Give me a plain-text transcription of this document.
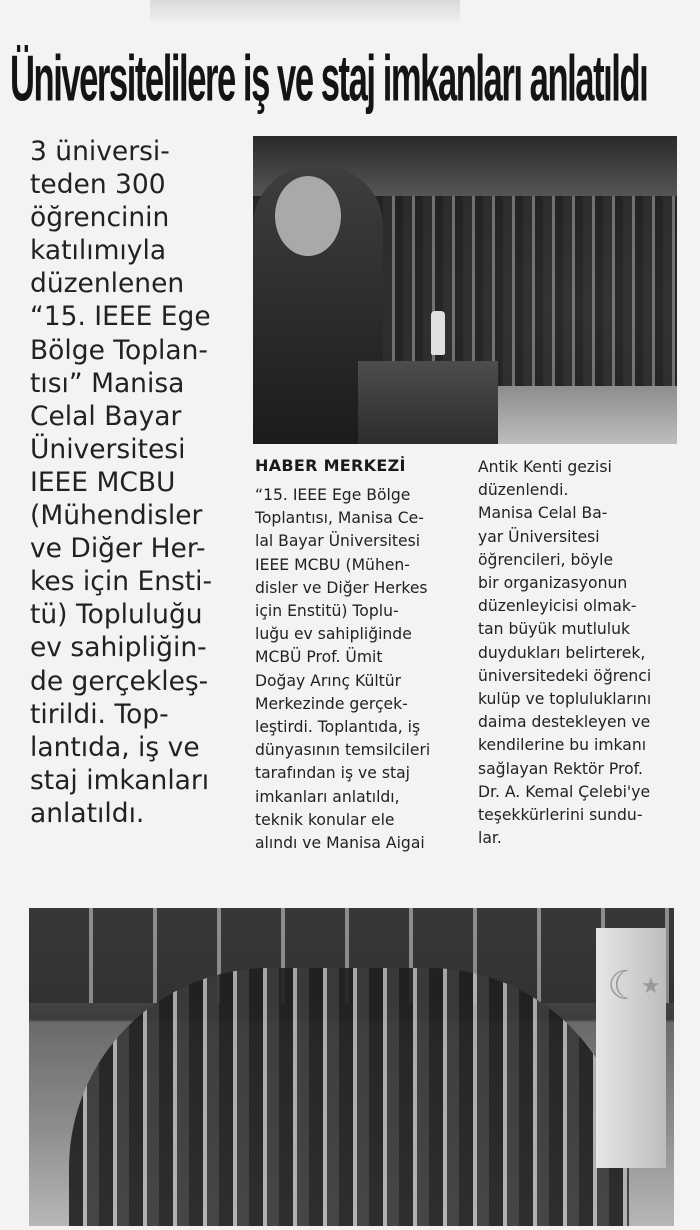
Üniversitelilere iş ve staj imkanları anlatıldı

3 üniversi-
teden 300
öğrencinin
katılımıyla
düzenlenen
“15. IEEE Ege
Bölge Toplan-
tısı” Manisa
Celal Bayar
Üniversitesi
IEEE MCBU
(Mühendisler
ve Diğer Her-
kes için Ensti-
tü) Topluluğu
ev sahipliğin-
de gerçekleş-
tirildi. Top-
lantıda, iş ve
staj imkanları
anlatıldı.

HABER MERKEZİ

“15. IEEE Ege Bölge
Toplantısı, Manisa Ce-
lal Bayar Üniversitesi
IEEE MCBU (Mühen-
disler ve Diğer Herkes
için Enstitü) Toplu-
luğu ev sahipliğinde
MCBÜ Prof. Ümit
Doğay Arınç Kültür
Merkezinde gerçek-
leştirdi. Toplantıda, iş
dünyasının temsilcileri
tarafından iş ve staj
imkanları anlatıldı,
teknik konular ele
alındı ve Manisa Aigai

Antik Kenti gezisi
düzenlendi.
Manisa Celal Ba-
yar Üniversitesi
öğrencileri, böyle
bir organizasyonun
düzenleyicisi olmak-
tan büyük mutluluk
duydukları belirterek,
üniversitedeki öğrenci
kulüp ve topluluklarını
daima destekleyen ve
kendilerine bu imkanı
sağlayan Rektör Prof.
Dr. A. Kemal Çelebi'ye
teşekkürlerini sundu-
lar.

☾
★
